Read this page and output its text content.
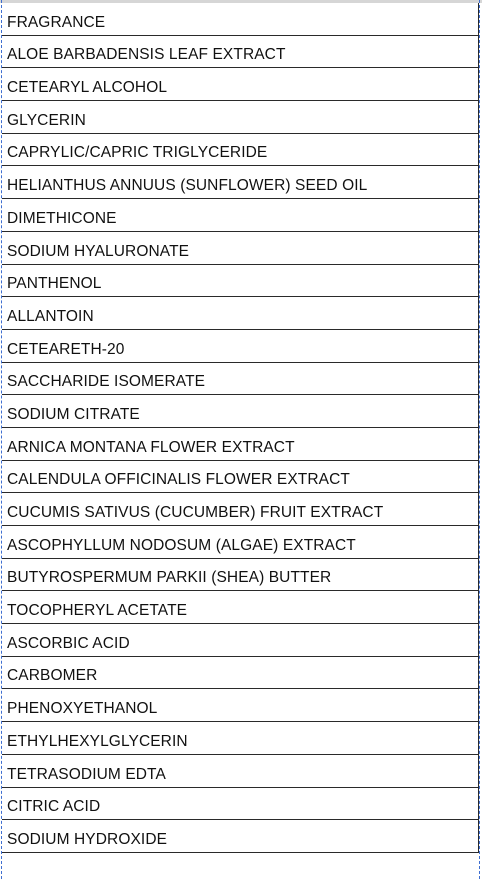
FRAGRANCE
ALOE BARBADENSIS LEAF EXTRACT
CETEARYL ALCOHOL
GLYCERIN
CAPRYLIC/CAPRIC TRIGLYCERIDE
HELIANTHUS ANNUUS (SUNFLOWER) SEED OIL
DIMETHICONE
SODIUM HYALURONATE
PANTHENOL
ALLANTOIN
CETEARETH-20
SACCHARIDE ISOMERATE
SODIUM CITRATE
ARNICA MONTANA FLOWER EXTRACT
CALENDULA OFFICINALIS FLOWER EXTRACT
CUCUMIS SATIVUS (CUCUMBER) FRUIT EXTRACT
ASCOPHYLLUM NODOSUM (ALGAE) EXTRACT
BUTYROSPERMUM PARKII (SHEA) BUTTER
TOCOPHERYL ACETATE
ASCORBIC ACID
CARBOMER
PHENOXYETHANOL
ETHYLHEXYLGLYCERIN
TETRASODIUM EDTA
CITRIC ACID
SODIUM HYDROXIDE
